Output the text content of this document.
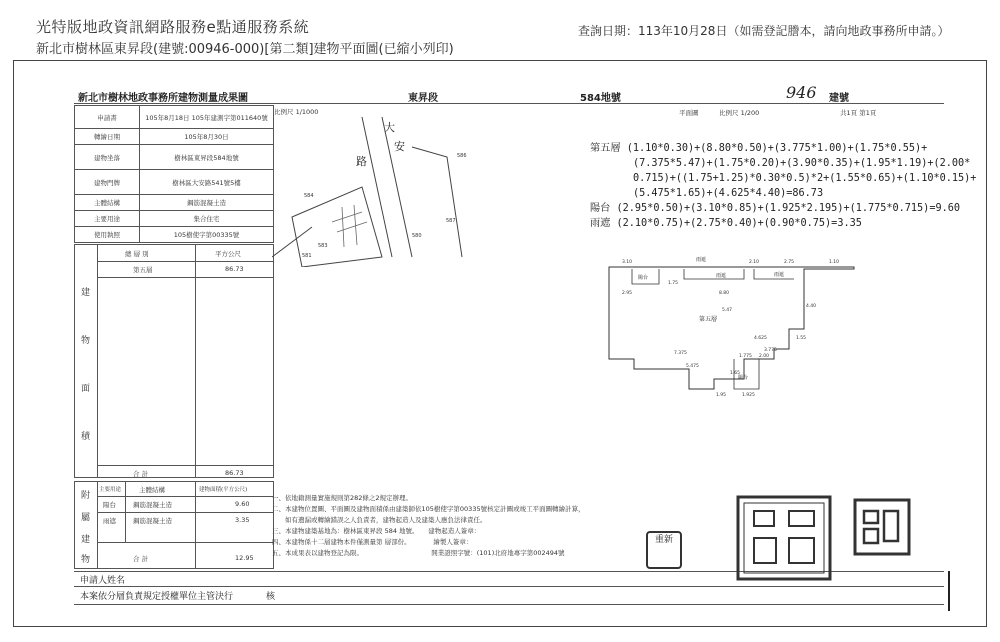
光特版地政資訊網路服務e點通服務系統
新北市樹林區東昇段(建號:00946-000)[第二類]建物平面圖(已縮小列印)
查詢日期：113年10月28日（如需登記謄本，請向地政事務所申請。）
新北市樹林地政事務所建物測量成果圖	東昇段	584地號	946 建號
比例尺 1/1000	比例尺 1/200
平面圖	共1頁 第1頁
申請書	105年8月18日 105年建測字第011640號
轉繪日期	105年8月30日
建物坐落	樹林區東昇段584地號
建物門牌	樹林區大安路541號5樓
主體結構	鋼筋混凝土造
主要用途	集合住宅
使用執照	105樹使字第00335號
總 層 別	平方公尺
第五層	86.73
合 計	86.73
建
物
面
積
主要用途	主體結構	建物面積(平方公尺)
陽台	鋼筋混凝土造	9.60
雨遮	鋼筋混凝土造	3.35
合 計	12.95
附
屬
建
物
申請人姓名
本案依分層負責規定授權單位主管決行	核
大
安
路
584
586
587
580
583
581
第五層 (1.10*0.30)+(8.80*0.50)+(3.775*1.00)+(1.75*0.55)+
(7.375*5.47)+(1.75*0.20)+(3.90*0.35)+(1.95*1.19)+(2.00*
0.715)+((1.75+1.25)*0.30*0.5)*2+(1.55*0.65)+(1.10*0.15)+
(5.475*1.65)+(4.625*4.40)=86.73
陽台 (2.95*0.50)+(3.10*0.85)+(1.925*2.195)+(1.775*0.715)=9.60
雨遮 (2.10*0.75)+(2.75*0.40)+(0.90*0.75)=3.35
第五層
陽台
陽台
雨遮
雨遮	雨遮
3.10	2.10	2.75	1.10
2.95	8.80
1.75
4.40
4.625
3.775
5.47
7.375
1.55
5.475
2.00
1.775
1.65
1.95	1.925
一、依地籍測量實施規則第282條之2規定辦理。
二、本建物位置圖、平面圖及建物面積係由建築師依105樹使字第00335號核定計圖或竣工平面圖轉繪計算，
　　如有遺漏或轉繪錯誤之人負責者，建物起造人及建築人應負法律責任。
三、本建物建築基地為：樹林區東昇段 584 地號。　　建物起造人簽章：
四、本建物係十二層建物本件僅測量第 層部份。　　　　繪製人簽章：
五、本成果表以建物登記為限。　　　　　　　　　　　開業證照字號：(101)北府地專字第002494號
重新
